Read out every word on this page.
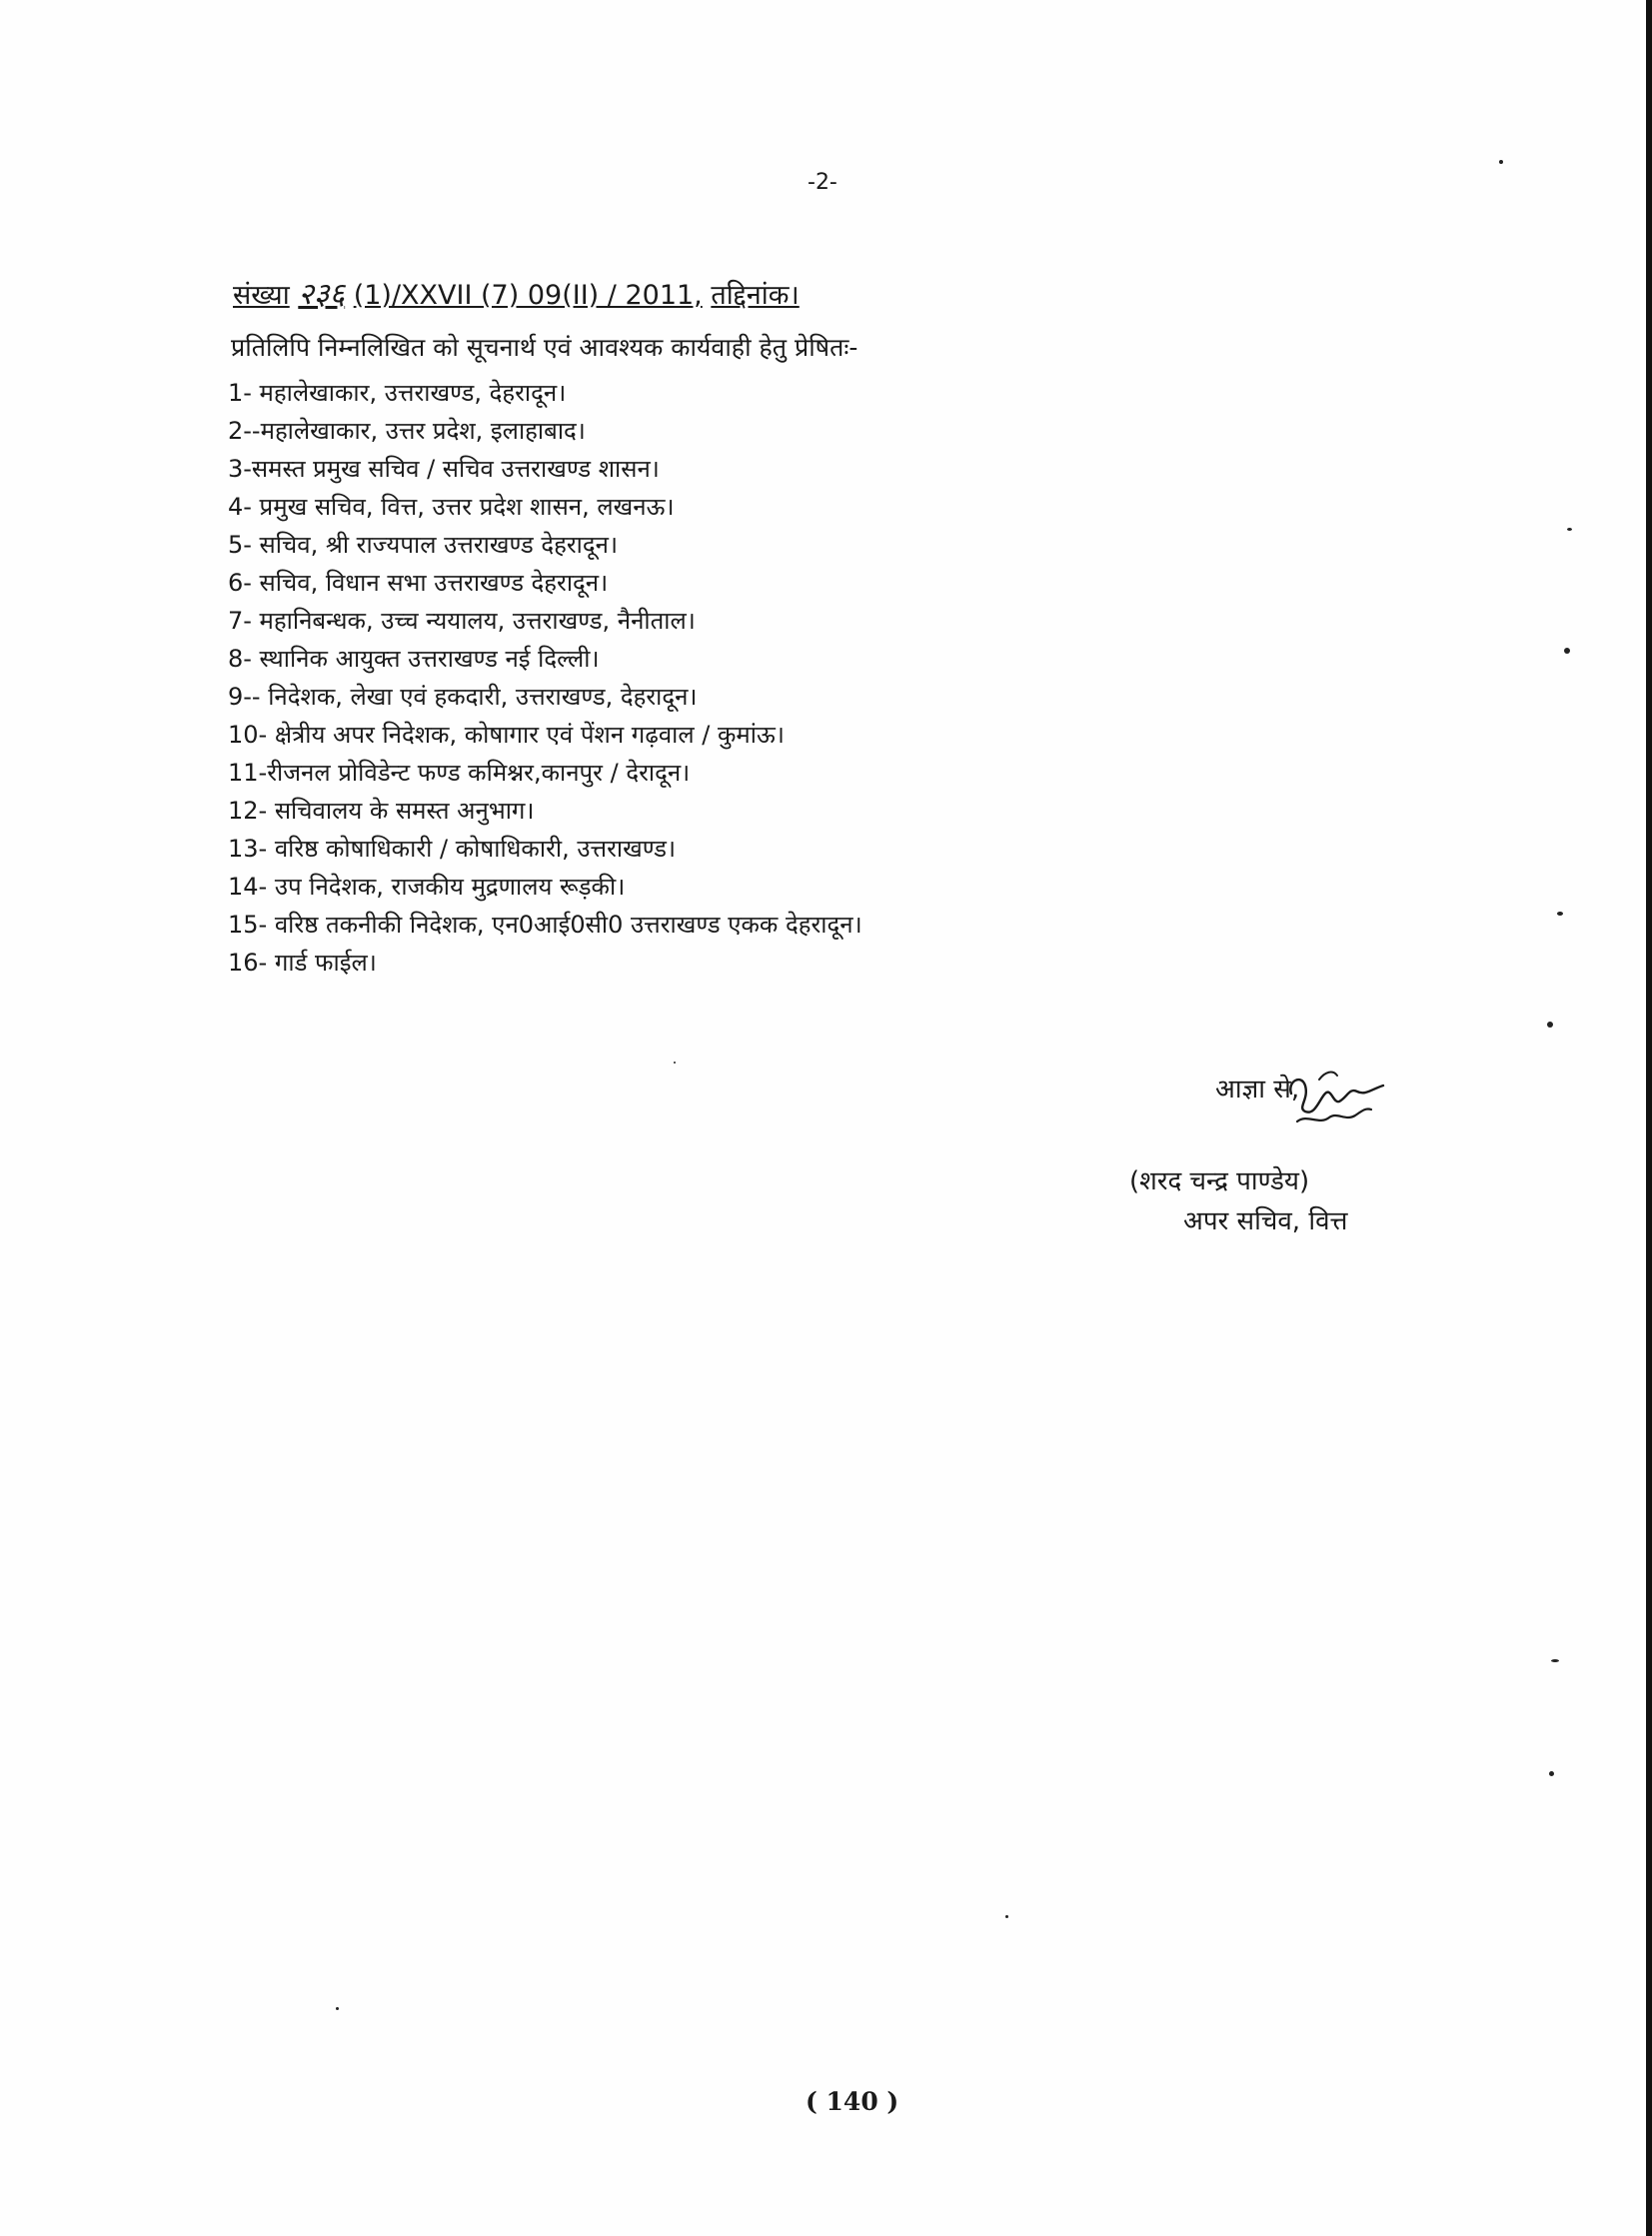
-2-
संख्या २३६ (1)/XXVII (7) 09(II) / 2011, तद्दिनांक।
प्रतिलिपि निम्नलिखित को सूचनार्थ एवं आवश्यक कार्यवाही हेतु प्रेषितः-
1- महालेखाकार, उत्तराखण्ड, देहरादून।
2--महालेखाकार, उत्तर प्रदेश, इलाहाबाद।
3-समस्त प्रमुख सचिव / सचिव उत्तराखण्ड शासन।
4- प्रमुख सचिव, वित्त, उत्तर प्रदेश शासन, लखनऊ।
5- सचिव, श्री राज्यपाल उत्तराखण्ड देहरादून।
6- सचिव, विधान सभा उत्तराखण्ड देहरादून।
7- महानिबन्धक, उच्च न्ययालय, उत्तराखण्ड, नैनीताल।
8- स्थानिक आयुक्त उत्तराखण्ड नई दिल्ली।
9-- निदेशक, लेखा एवं हकदारी, उत्तराखण्ड, देहरादून।
10- क्षेत्रीय अपर निदेशक, कोषागार एवं पेंशन गढ़वाल / कुमांऊ।
11-रीजनल प्रोविडेन्ट फण्ड कमिश्नर,कानपुर / देरादून।
12- सचिवालय के समस्त अनुभाग।
13- वरिष्ठ कोषाधिकारी / कोषाधिकारी, उत्तराखण्ड।
14- उप निदेशक, राजकीय मुद्रणालय रूड़की।
15- वरिष्ठ तकनीकी निदेशक, एन0आई0सी0 उत्तराखण्ड एकक देहरादून।
16- गार्ड फाईल।
आज्ञा से,
(शरद चन्द्र पाण्डेय)
अपर सचिव, वित्त
( 140 )
